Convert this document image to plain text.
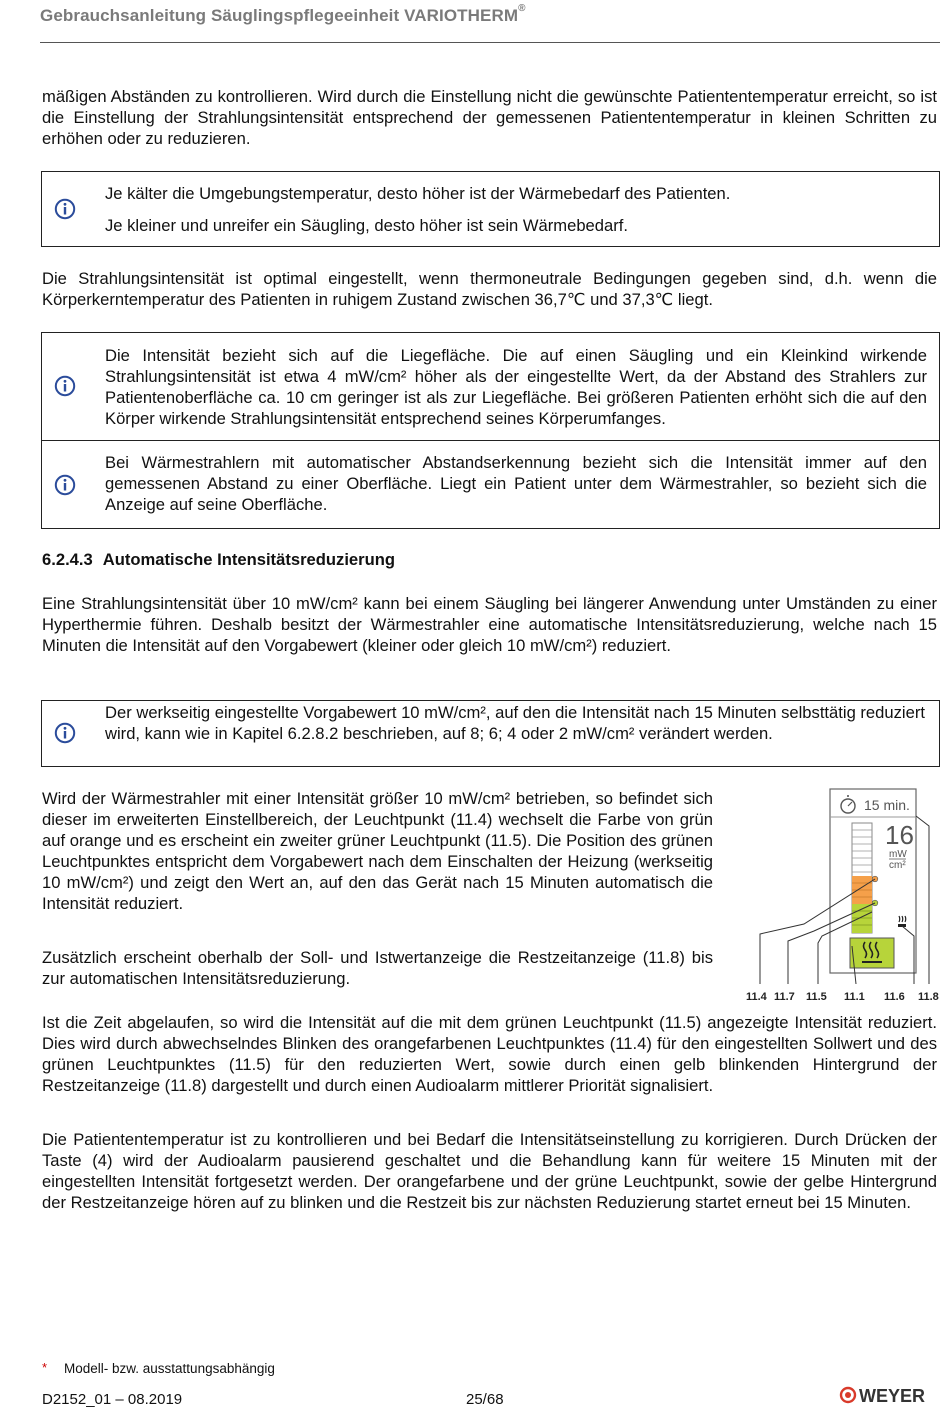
Gebrauchsanleitung Säuglingspflegeeinheit VARIOTHERM®

mäßigen Abständen zu kontrollieren. Wird durch die Einstellung nicht die gewünschte Patiententemperatur erreicht, so ist die Einstellung der Strahlungsintensität entsprechend der gemessenen Patiententemperatur in kleinen Schritten zu erhöhen oder zu reduzieren.

Je kälter die Umgebungstemperatur, desto höher ist der Wärmebedarf des Patienten.
Je kleiner und unreifer ein Säugling, desto höher ist sein Wärmebedarf.

Die Strahlungsintensität ist optimal eingestellt, wenn thermoneutrale Bedingungen gegeben sind, d.h. wenn die Körperkerntemperatur des Patienten in ruhigem Zustand zwischen 36,7℃ und 37,3℃ liegt.

Die Intensität bezieht sich auf die Liegefläche. Die auf einen Säugling und ein Kleinkind wirkende Strahlungsintensität ist etwa 4 mW/cm² höher als der eingestellte Wert, da der Abstand des Strahlers zur Patientenoberfläche ca. 10 cm geringer ist als zur Liegefläche. Bei größeren Patienten erhöht sich die auf den Körper wirkende Strahlungsintensität entsprechend seines Körperumfanges.
Bei Wärmestrahlern mit automatischer Abstandserkennung bezieht sich die Intensität immer auf den gemessenen Abstand zu einer Oberfläche. Liegt ein Patient unter dem Wärmestrahler, so bezieht sich die Anzeige auf seine Oberfläche.
6.2.4.3 Automatische Intensitätsreduzierung

Eine Strahlungsintensität über 10 mW/cm² kann bei einem Säugling bei längerer Anwendung unter Umständen zu einer Hyperthermie führen. Deshalb besitzt der Wärmestrahler eine automatische Intensitätsreduzierung, welche nach 15 Minuten die Intensität auf den Vorgabewert (kleiner oder gleich 10 mW/cm²) reduziert.

Der werkseitig eingestellte Vorgabewert 10 mW/cm², auf den die Intensität nach 15 Minuten selbsttätig reduziert wird, kann wie in Kapitel 6.2.8.2 beschrieben, auf 8; 6; 4 oder 2 mW/cm² verändert werden.

Wird der Wärmestrahler mit einer Intensität größer 10 mW/cm² betrieben, so befindet sich dieser im erweiterten Einstellbereich, der Leuchtpunkt (11.4) wechselt die Farbe von grün auf orange und es erscheint ein zweiter grüner Leuchtpunkt (11.5). Die Position des grünen Leuchtpunktes entspricht dem Vorgabewert nach dem Einschalten der Heizung (werkseitig 10 mW/cm²) und zeigt den Wert an, auf den das Gerät nach 15 Minuten automatisch die Intensität reduziert.

Zusätzlich erscheint oberhalb der Soll- und Istwertanzeige die Restzeitanzeige (11.8) bis zur automatischen Intensitätsreduzierung.

15 min.
16
mW
cm²
11.4 11.7 11.5 11.1 11.6 11.8

Ist die Zeit abgelaufen, so wird die Intensität auf die mit dem grünen Leuchtpunkt (11.5) angezeigte Intensität reduziert. Dies wird durch abwechselndes Blinken des orangefarbenen Leuchtpunktes (11.4) für den eingestellten Sollwert und des grünen Leuchtpunktes (11.5) für den reduzierten Wert, sowie durch einen gelb blinkenden Hintergrund der Restzeitanzeige (11.8) dargestellt und durch einen Audioalarm mittlerer Priorität signalisiert.

Die Patiententemperatur ist zu kontrollieren und bei Bedarf die Intensitätseinstellung zu korrigieren. Durch Drücken der Taste (4) wird der Audioalarm pausierend geschaltet und die Behandlung kann für weitere 15 Minuten mit der eingestellten Intensität fortgesetzt werden. Der orangefarbene und der grüne Leuchtpunkt, sowie der gelbe Hintergrund der Restzeitanzeige hören auf zu blinken und die Restzeit bis zur nächsten Reduzierung startet erneut bei 15 Minuten.

* Modell- bzw. ausstattungsabhängig
D2152_01 – 08.2019	25/68	WEYER
